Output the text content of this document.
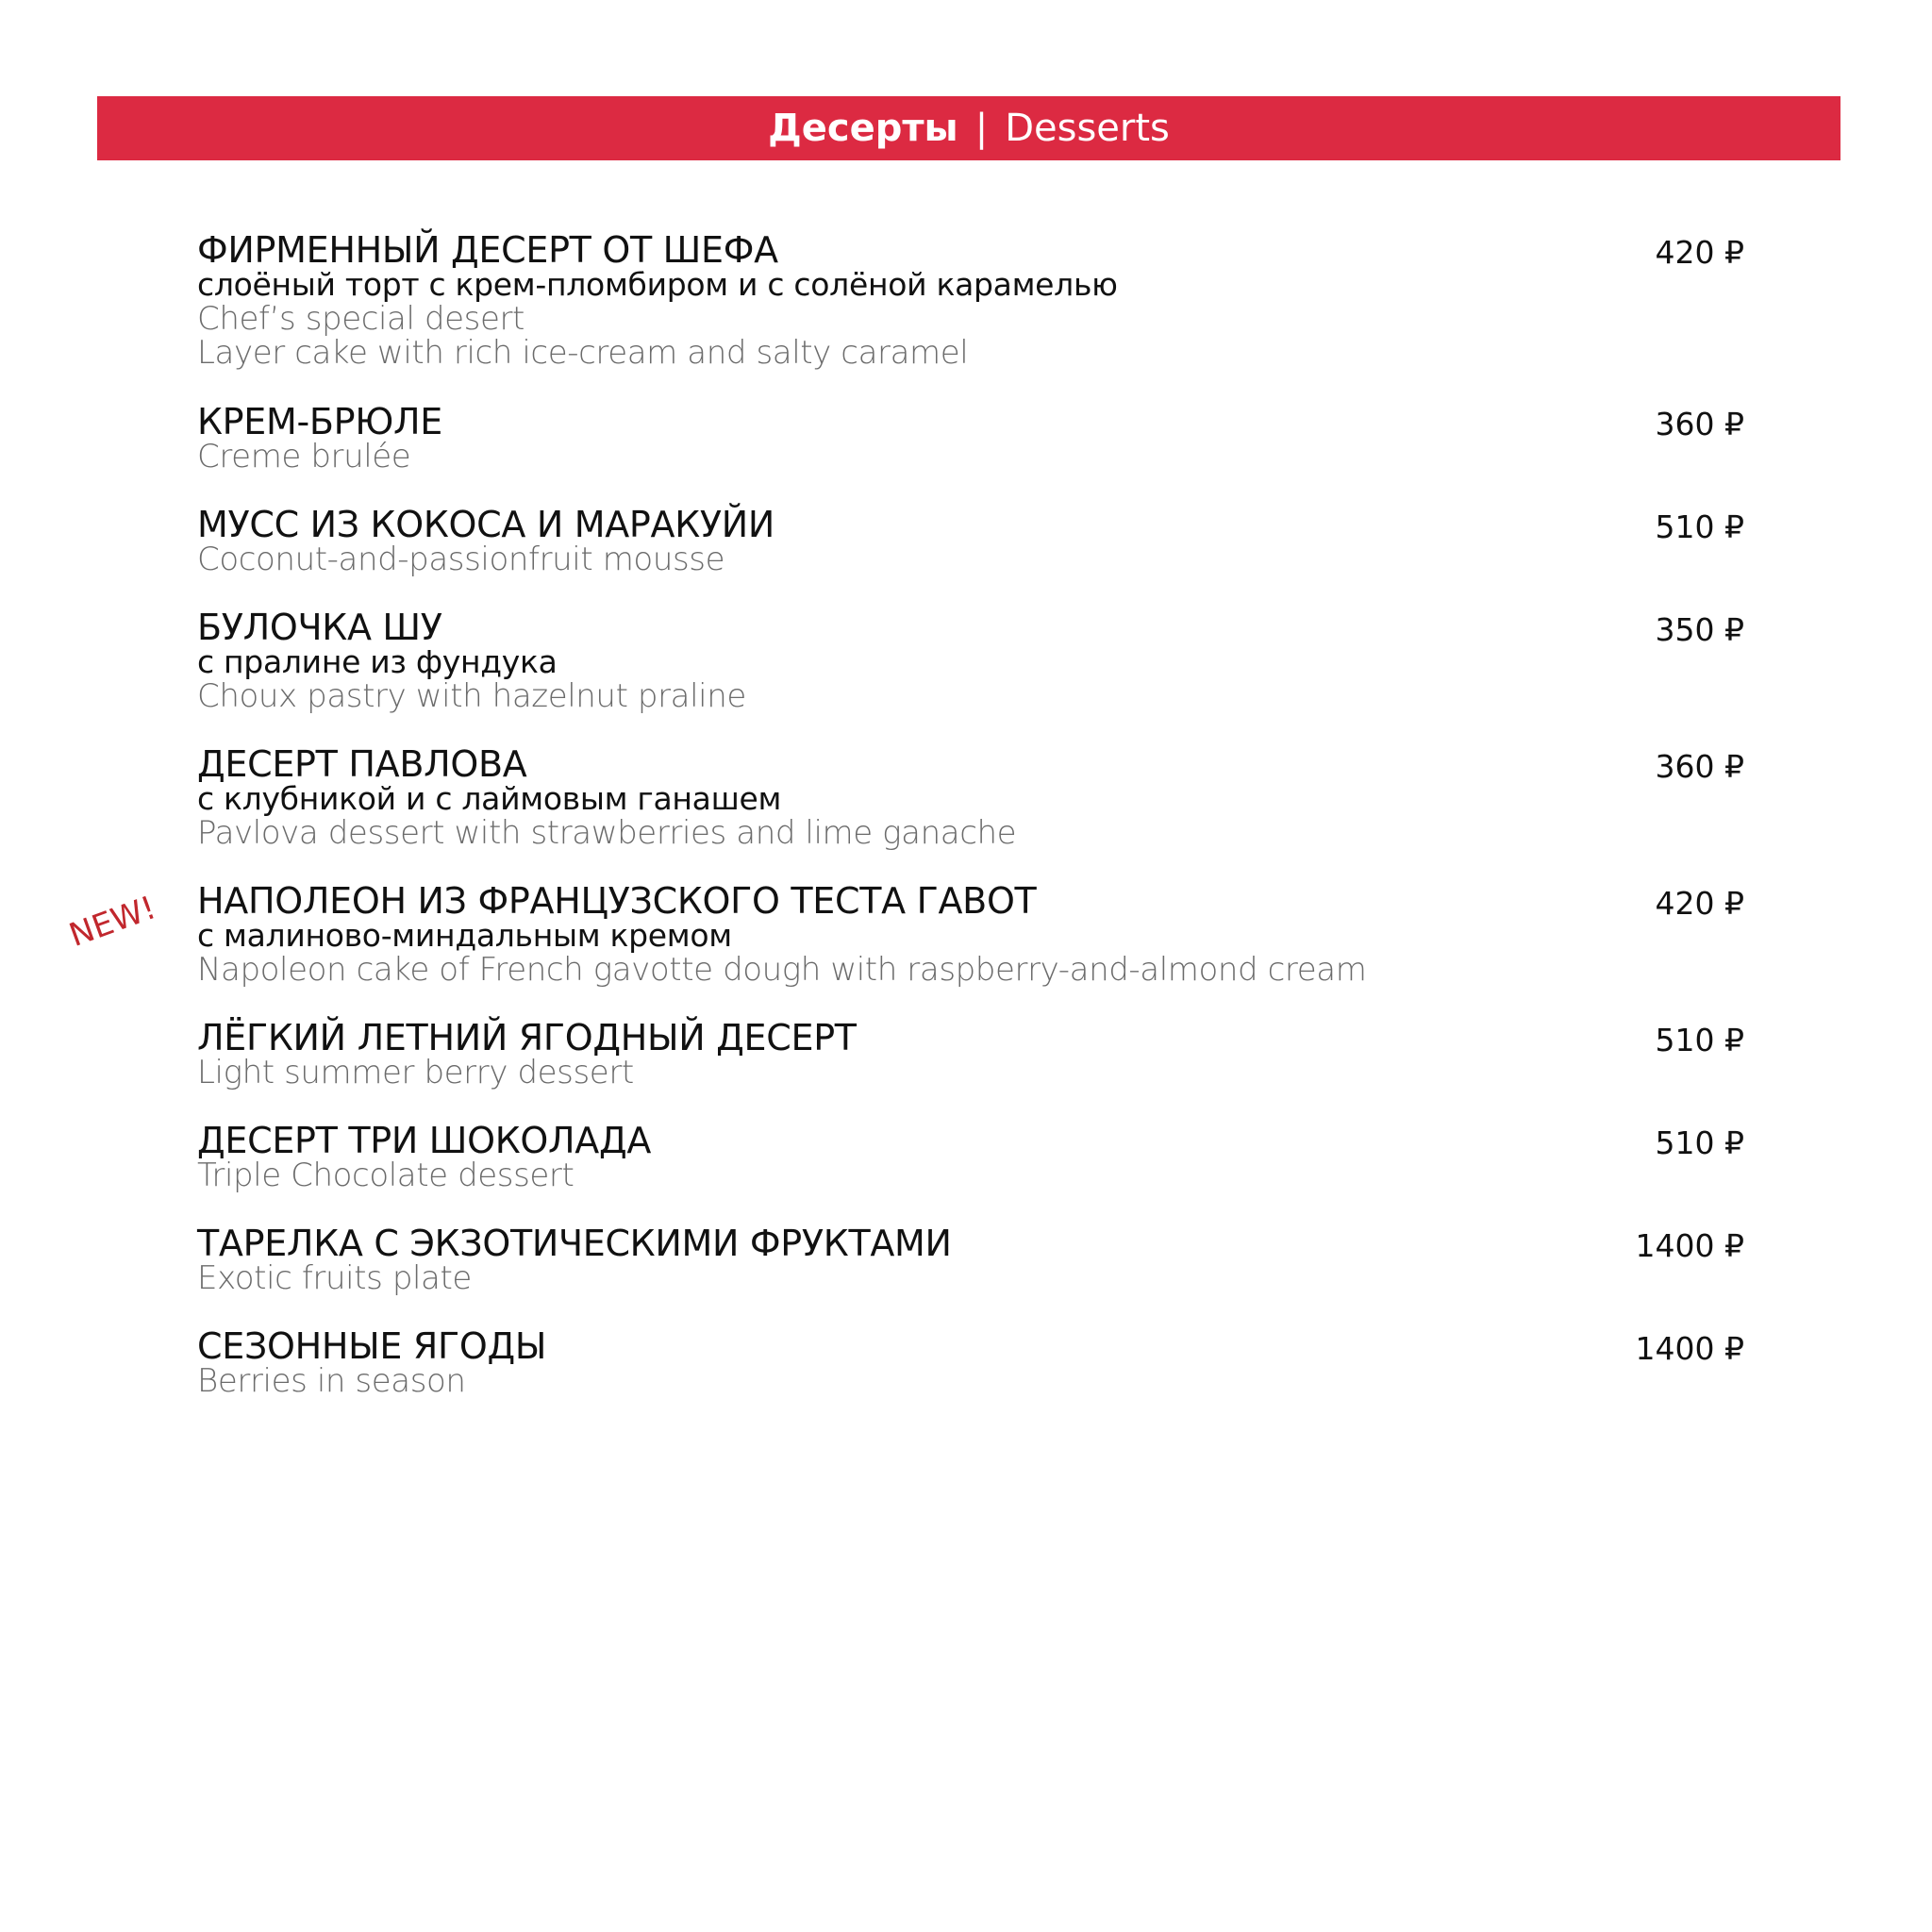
Десерты | Desserts
NEW!
ФИРМЕННЫЙ ДЕСЕРТ ОТ ШЕФА
слоёный торт с крем-пломбиром и с солёной карамелью
Chef’s special desert
Layer cake with rich ice-cream and salty caramel
420 ₽
КРЕМ-БРЮЛЕ
Creme brulée
360 ₽
МУСС ИЗ КОКОСА И МАРАКУЙИ
Coconut-and-passionfruit mousse
510 ₽
БУЛОЧКА ШУ
с пралине из фундука
Choux pastry with hazelnut praline
350 ₽
ДЕСЕРТ ПАВЛОВА
с клубникой и с лаймовым ганашем
Pavlova dessert with strawberries and lime ganache
360 ₽
НАПОЛЕОН ИЗ ФРАНЦУЗСКОГО ТЕСТА ГАВОТ
с малиново-миндальным кремом
Napoleon cake of French gavotte dough with raspberry-and-almond cream
420 ₽
ЛЁГКИЙ ЛЕТНИЙ ЯГОДНЫЙ ДЕСЕРТ
Light summer berry dessert
510 ₽
ДЕСЕРТ ТРИ ШОКОЛАДА
Triple Chocolate dessert
510 ₽
ТАРЕЛКА С ЭКЗОТИЧЕСКИМИ ФРУКТАМИ
Exotic fruits plate
1400 ₽
СЕЗОННЫЕ ЯГОДЫ
Berries in season
1400 ₽
